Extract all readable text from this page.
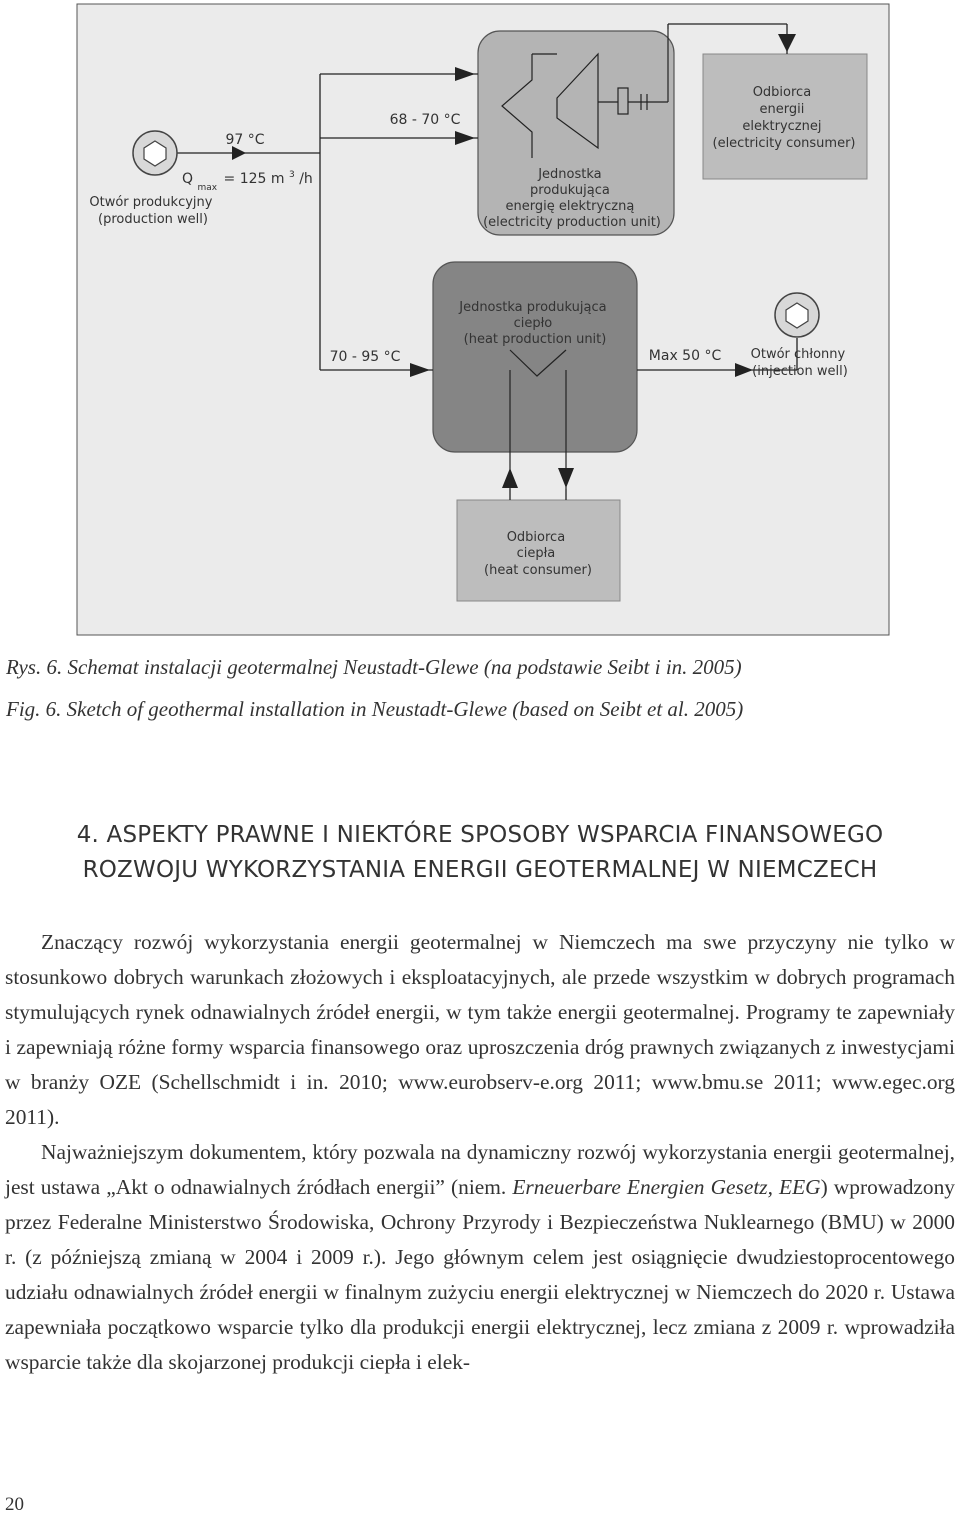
97 °C
Q $_{max}$ = 125 m $^3$ /h
Otwór produkcyjny (production well)
68 - 70 °C
Jednostka produkująca energię elektryczną (electricity production unit)
Odbiorca energii elektrycznej (electricity consumer)
70 - 95 °C
Jednostka produkująca ciepło (heat production unit)
Max 50 °C Otwór chłonny (injection well)
Odbiorca ciepła (heat consumer)
Rys. 6. Schemat instalacji geotermalnej Neustadt-Glewe (na podstawie Seibt i in. 2005)
Fig. 6. Sketch of geothermal installation in Neustadt-Glewe (based on Seibt et al. 2005)
4. ASPEKTY PRAWNE I NIEKTÓRE SPOSOBY WSPARCIA FINANSOWEGO
ROZWOJU WYKORZYSTANIA ENERGII GEOTERMALNEJ W NIEMCZECH

Znaczący rozwój wykorzystania energii geotermalnej w Niemczech ma swe przyczyny nie tylko w stosunkowo dobrych warunkach złożowych i eksploatacyjnych, ale przede wszystkim w dobrych programach stymulujących rynek odnawialnych źródeł energii, w tym także energii geotermalnej. Programy te zapewniały i zapewniają różne formy wsparcia finansowego oraz uproszczenia dróg prawnych związanych z inwestycjami w branży OZE (Schellschmidt i in. 2010; www.eurobserv-e.org 2011; www.bmu.se 2011; www.egec.org 2011).

Najważniejszym dokumentem, który pozwala na dynamiczny rozwój wykorzystania energii geotermalnej, jest ustawa „Akt o odnawialnych źródłach energii” (niem. Erneuerbare Energien Gesetz, EEG) wprowadzony przez Federalne Ministerstwo Środowiska, Ochrony Przyrody i Bezpieczeństwa Nuklearnego (BMU) w 2000 r. (z późniejszą zmianą w 2004 i 2009 r.). Jego głównym celem jest osiągnięcie dwudziestoprocentowego udziału odnawialnych źródeł energii w finalnym zużyciu energii elektrycznej w Niemczech do 2020 r. Ustawa zapewniała początkowo wsparcie tylko dla produkcji energii elektrycznej, lecz zmiana z 2009 r. wprowadziła wsparcie także dla skojarzonej produkcji ciepła i elek-

20
